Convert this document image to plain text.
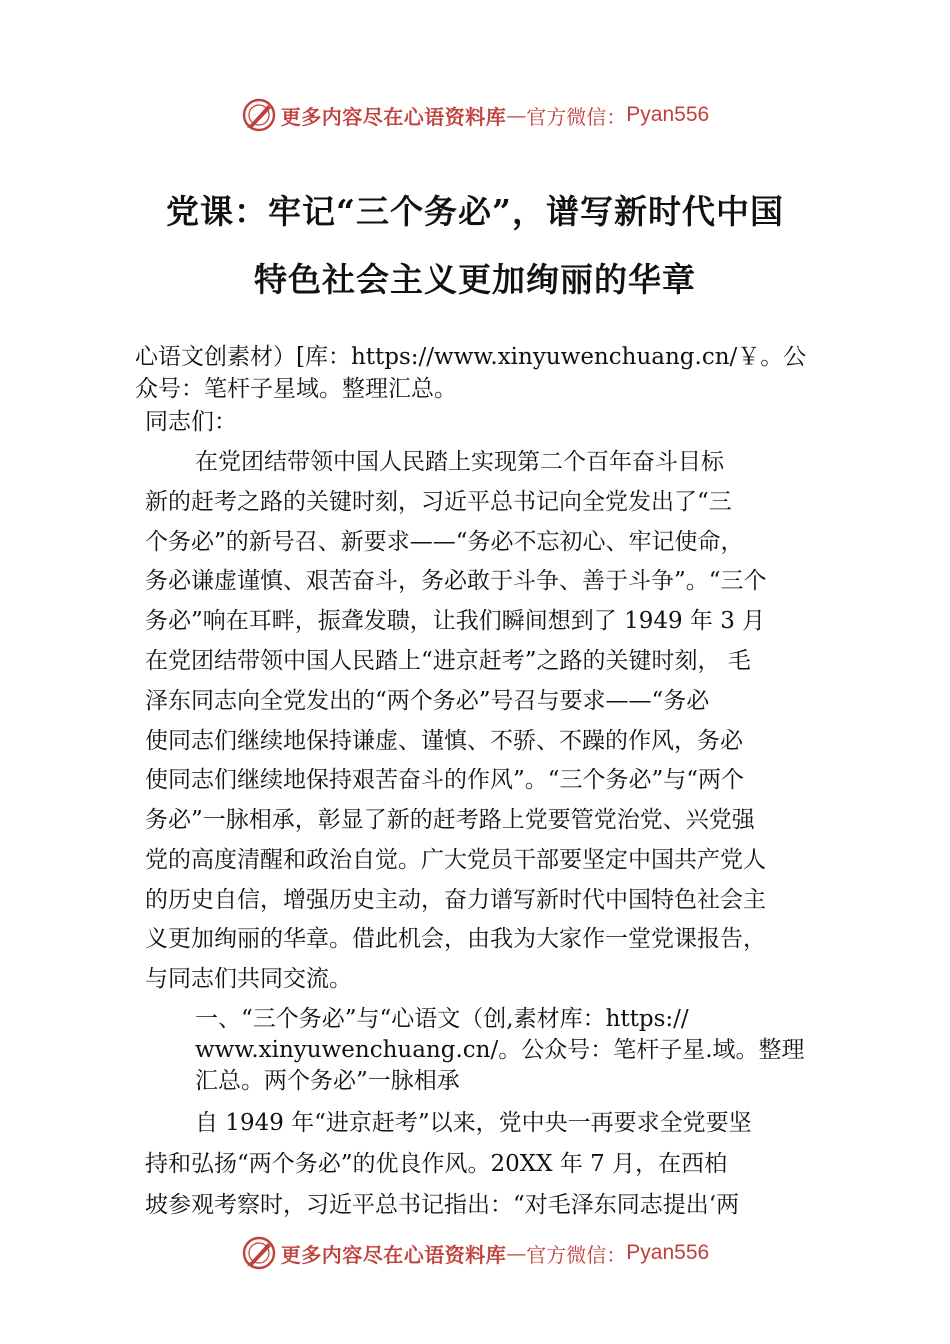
更多内容尽在心语资料库 — 官方微信： Pyan556
党课：牢记“三个务必”，谱写新时代中国
特色社会主义更加绚丽的华章
心语文创素材）[库：https://www.xinyuwenchuang.cn/￥。公
众号：笔杆子星域。整理汇总。
同志们：
在党团结带领中国人民踏上实现第二个百年奋斗目标
新的赶考之路的关键时刻，习近平总书记向全党发出了“三
个务必”的新号召、新要求——“务必不忘初心、牢记使命，
务必谦虚谨慎、艰苦奋斗，务必敢于斗争、善于斗争”。“三个
务必”响在耳畔，振聋发聩，让我们瞬间想到了 1949 年 3 月
在党团结带领中国人民踏上“进京赶考”之路的关键时刻， 毛
泽东同志向全党发出的“两个务必”号召与要求——“务必
使同志们继续地保持谦虚、谨慎、不骄、不躁的作风，务必
使同志们继续地保持艰苦奋斗的作风”。“三个务必”与“两个
务必”一脉相承，彰显了新的赶考路上党要管党治党、兴党强
党的高度清醒和政治自觉。广大党员干部要坚定中国共产党人
的历史自信，增强历史主动，奋力谱写新时代中国特色社会主
义更加绚丽的华章。借此机会，由我为大家作一堂党课报告，
与同志们共同交流。
一、“三个务必”与“心语文（创,素材库：https://
www.xinyuwenchuang.cn/。公众号：笔杆子星.域。整理
汇总。两个务必”一脉相承
自 1949 年“进京赶考”以来，党中央一再要求全党要坚
持和弘扬“两个务必”的优良作风。20XX 年 7 月，在西柏
坡参观考察时，习近平总书记指出：“对毛泽东同志提出‘两
更多内容尽在心语资料库 — 官方微信： Pyan556
